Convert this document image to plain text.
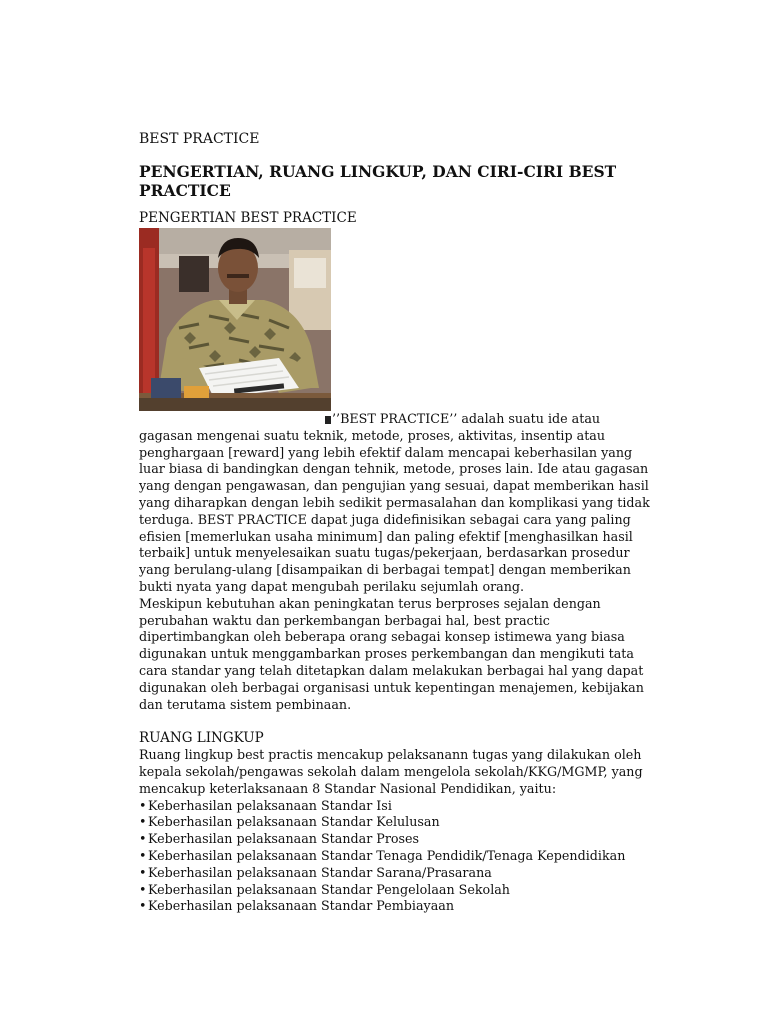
BEST PRACTICE
PENGERTIAN, RUANG LINGKUP, DAN CIRI-CIRI BEST PRACTICE
PENGERTIAN BEST PRACTICE

’’BEST PRACTICE’’ adalah suatu ide atau
gagasan mengenai suatu teknik, metode, proses, aktivitas, insentip atau penghargaan [reward] yang lebih efektif dalam mencapai keberhasilan yang luar biasa di bandingkan dengan tehnik, metode, proses lain. Ide atau gagasan yang dengan pengawasan, dan pengujian yang sesuai, dapat memberikan hasil yang diharapkan dengan lebih sedikit permasalahan dan komplikasi yang tidak terduga. BEST PRACTICE dapat juga didefinisikan sebagai cara yang paling efisien [memerlukan usaha minimum] dan paling efektif [menghasilkan hasil terbaik] untuk menyelesaikan suatu tugas/pekerjaan, berdasarkan prosedur yang berulang-ulang [disampaikan di berbagai tempat] dengan memberikan bukti nyata yang dapat mengubah perilaku sejumlah orang.

Meskipun kebutuhan akan peningkatan terus berproses sejalan dengan perubahan waktu dan perkembangan berbagai hal, best practic dipertimbangkan oleh beberapa orang sebagai konsep istimewa yang biasa digunakan untuk menggambarkan proses perkembangan dan mengikuti tata cara standar yang telah ditetapkan dalam melakukan berbagai hal yang dapat digunakan oleh berbagai organisasi untuk kepentingan menajemen, kebijakan dan terutama sistem pembinaan.

RUANG LINGKUP

Ruang lingkup best practis mencakup pelaksanann tugas yang dilakukan oleh kepala sekolah/pengawas sekolah dalam mengelola sekolah/KKG/MGMP, yang mencakup keterlaksanaan 8 Standar Nasional Pendidikan, yaitu:

• Keberhasilan pelaksanaan Standar Isi
• Keberhasilan pelaksanaan Standar Kelulusan
• Keberhasilan pelaksanaan Standar Proses
• Keberhasilan pelaksanaan Standar Tenaga Pendidik/Tenaga Kependidikan
• Keberhasilan pelaksanaan Standar Sarana/Prasarana
• Keberhasilan pelaksanaan Standar Pengelolaan Sekolah
• Keberhasilan pelaksanaan Standar Pembiayaan
